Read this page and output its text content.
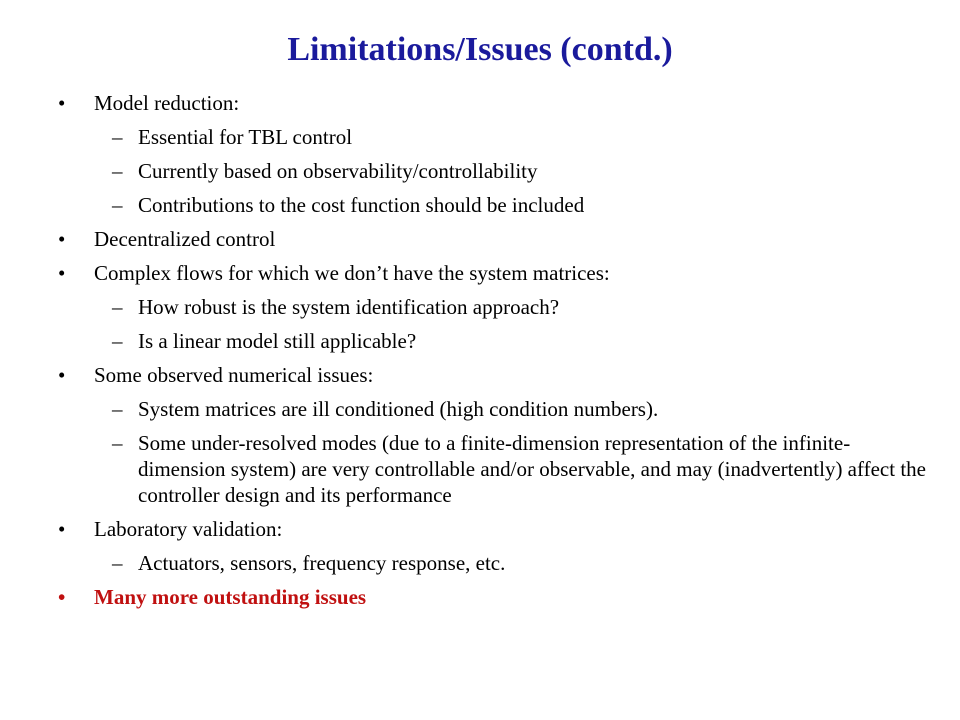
Limitations/Issues (contd.)
•	Model reduction:
– Essential for TBL control
– Currently based on observability/controllability
– Contributions to the cost function should be included
•	Decentralized control
•	Complex flows for which we don’t have the system matrices:
– How robust is the system identification approach?
– Is a linear model still applicable?
•	Some observed numerical issues:
– System matrices are ill conditioned (high condition numbers).
– Some under-resolved modes (due to a finite-dimension representation of the infinite-dimension system) are very controllable and/or observable, and may (inadvertently) affect the controller design and its performance
•	Laboratory validation:
– Actuators, sensors, frequency response, etc.
•	Many more outstanding issues
